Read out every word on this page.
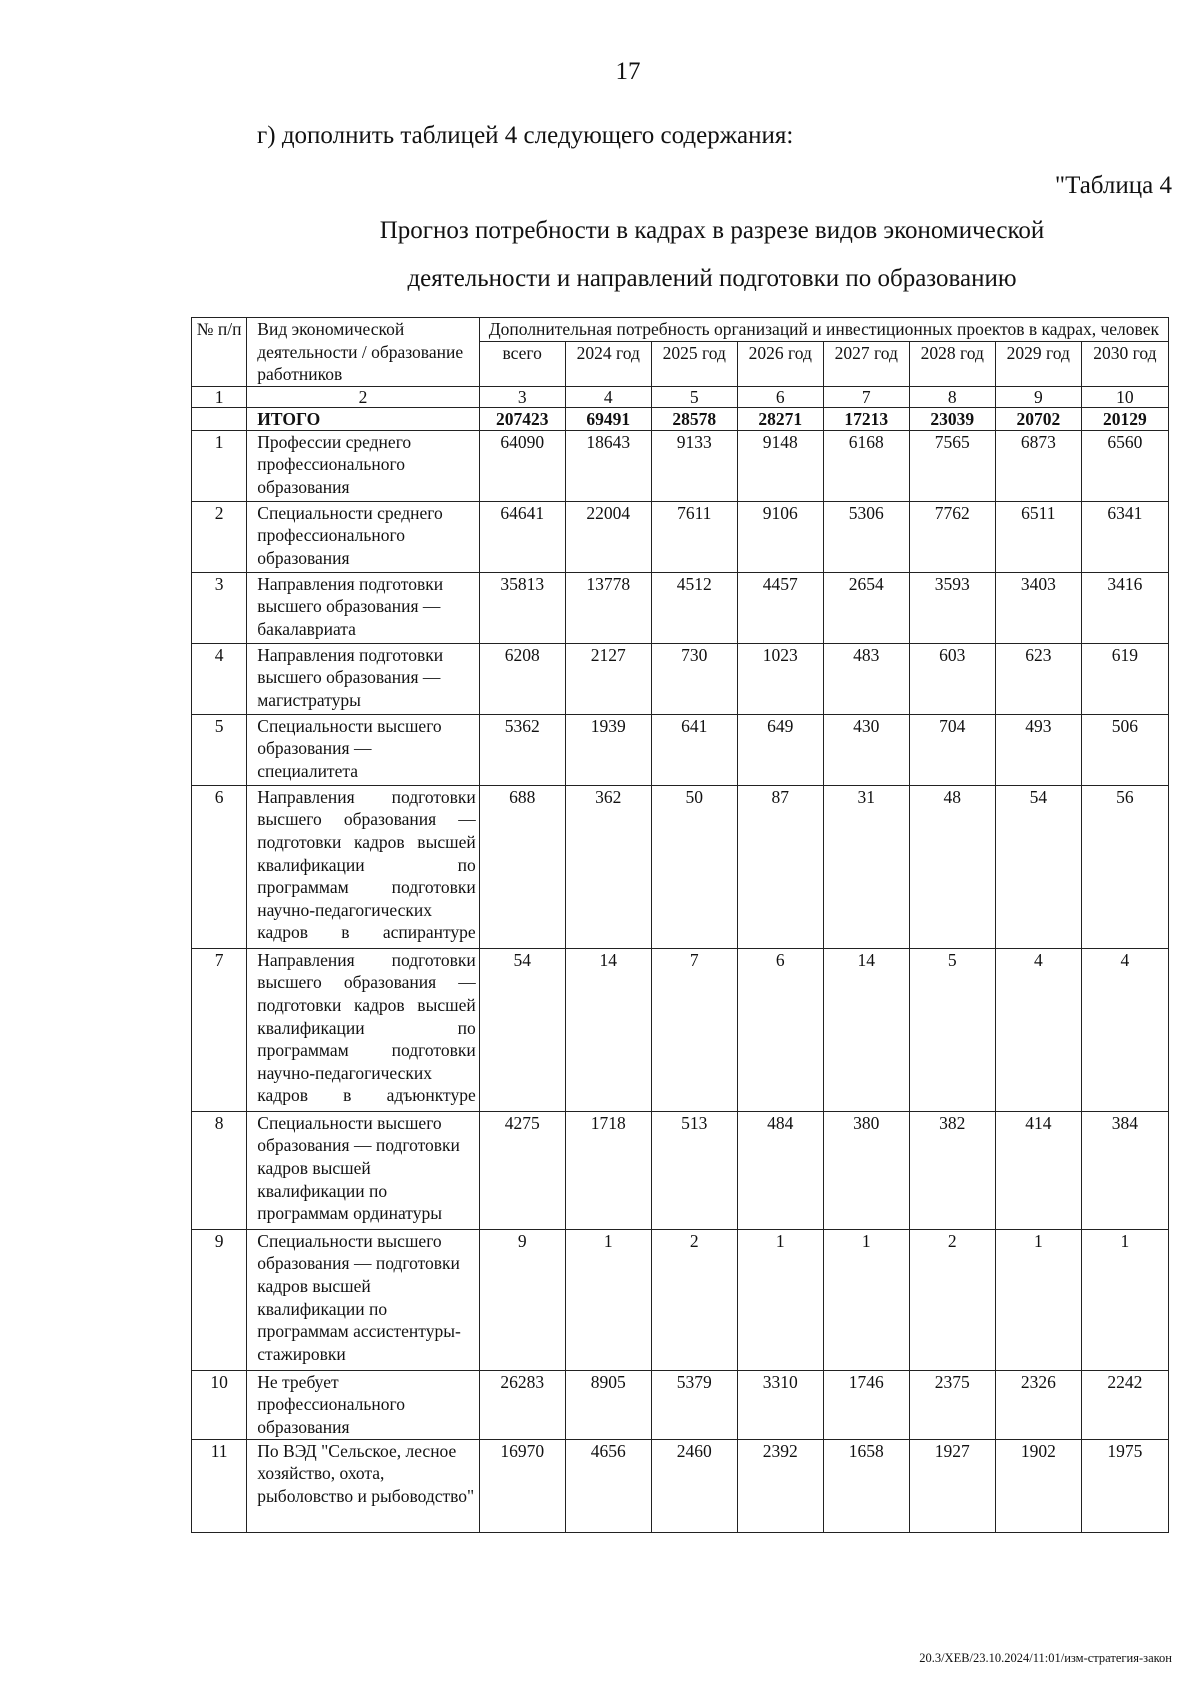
17
г) дополнить таблицей 4 следующего содержания:
"Таблица 4
Прогноз потребности в кадрах в разрезе видов экономической
деятельности и направлений подготовки по образованию
№ п/п	Вид экономической деятельности / образование работников	Дополнительная потребность организаций и инвестиционных проектов в кадрах, человек							
		всего	2024 год	2025 год	2026 год	2027 год	2028 год	2029 год	2030 год
1	2	3	4	5	6	7	8	9	10
	ИТОГО	207423	69491	28578	28271	17213	23039	20702	20129
1	Профессии среднего профессионального образования	64090	18643	9133	9148	6168	7565	6873	6560
2	Специальности среднего профессионального образования	64641	22004	7611	9106	5306	7762	6511	6341
3	Направления подготовки высшего образования — бакалавриата	35813	13778	4512	4457	2654	3593	3403	3416
4	Направления подготовки высшего образования — магистратуры	6208	2127	730	1023	483	603	623	619
5	Специальности высшего образования — специалитета	5362	1939	641	649	430	704	493	506
6	Направления подготовки высшего образования — подготовки кадров высшей квалификации по программам подготовки научно-педагогических кадров в аспирантуре	688	362	50	87	31	48	54	56
7	Направления подготовки высшего образования — подготовки кадров высшей квалификации по программам подготовки научно-педагогических кадров в адъюнктуре	54	14	7	6	14	5	4	4
8	Специальности высшего образования — подготовки кадров высшей квалификации по программам ординатуры	4275	1718	513	484	380	382	414	384
9	Специальности высшего образования — подготовки кадров высшей квалификации по программам ассистентуры-стажировки	9	1	2	1	1	2	1	1
10	Не требует профессионального образования	26283	8905	5379	3310	1746	2375	2326	2242
11	По ВЭД "Сельское, лесное хозяйство, охота, рыболовство и рыбоводство"	16970	4656	2460	2392	1658	1927	1902	1975
20.3/ХЕВ/23.10.2024/11:01/изм-стратегия-закон
